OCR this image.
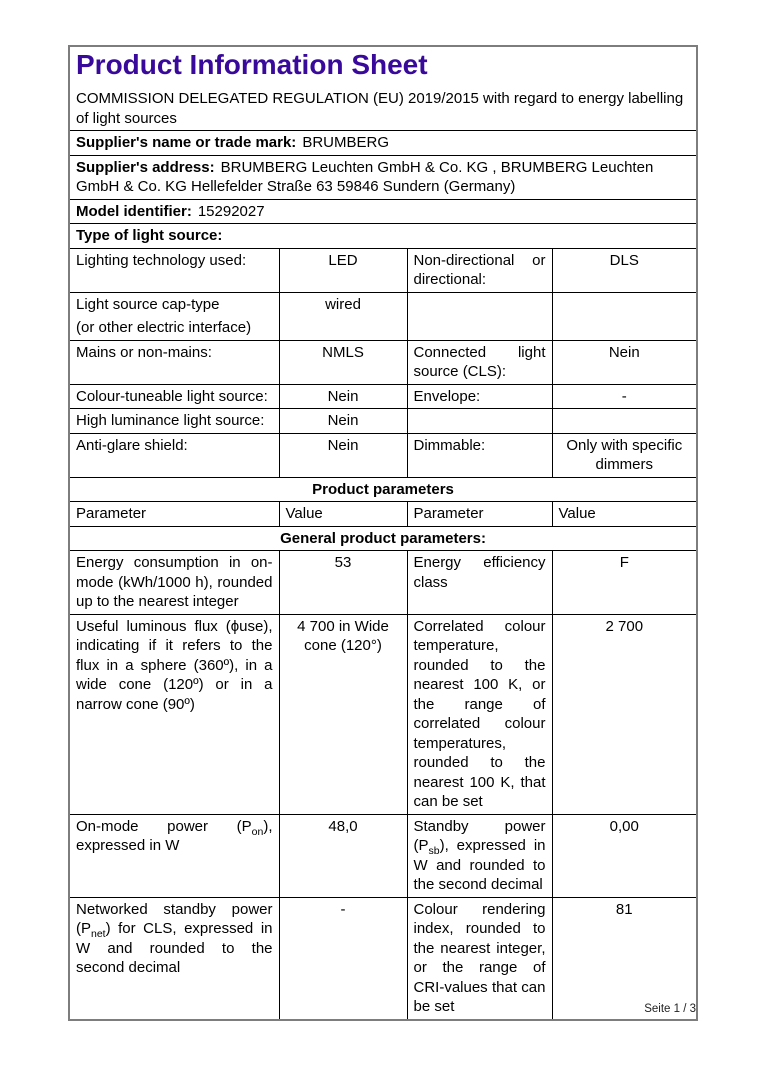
Product Information Sheet

COMMISSION DELEGATED REGULATION (EU) 2019/2015 with regard to energy labelling of light sources

Supplier's name or trade mark: BRUMBERG			
Supplier's address: BRUMBERG Leuchten GmbH & Co. KG , BRUMBERG Leuchten GmbH & Co. KG Hellefelder Straße 63 59846 Sundern (Germany)			
Model identifier: 15292027			
Type of light source:			
Lighting technology used:	LED	Non-directional or directional:	DLS

Light source cap-type
(or other electric interface)	wired		
Mains or non-mains:	NMLS	Connected light source (CLS):	Nein
Colour-tuneable light source:	Nein	Envelope:	-
High luminance light source:	Nein		
Anti-glare shield:	Nein	Dimmable:	Only with specific dimmers
Product parameters			
Parameter	Value	Parameter	Value
General product parameters:			
Energy consumption in on-mode (kWh/1000 h), rounded up to the nearest integer	53	Energy efficiency class	F
Useful luminous flux (ϕuse), indicating if it refers to the flux in a sphere (360º), in a wide cone (120º) or in a narrow cone (90º)	4 700 in Wide cone (120°)	Correlated colour temperature, rounded to the nearest 100 K, or the range of correlated colour temperatures, rounded to the nearest 100 K, that can be set	2 700
On-mode power $(P_{on})$, expressed in W	48,0	Standby power $(P_{sb})$, expressed in W and rounded to the second decimal	0,00
Networked standby power $(P_{net})$ for CLS, expressed in W and rounded to the second decimal	-	Colour rendering index, rounded to the nearest integer, or the range of CRI-values that can be set	81
Seite 1 / 3
